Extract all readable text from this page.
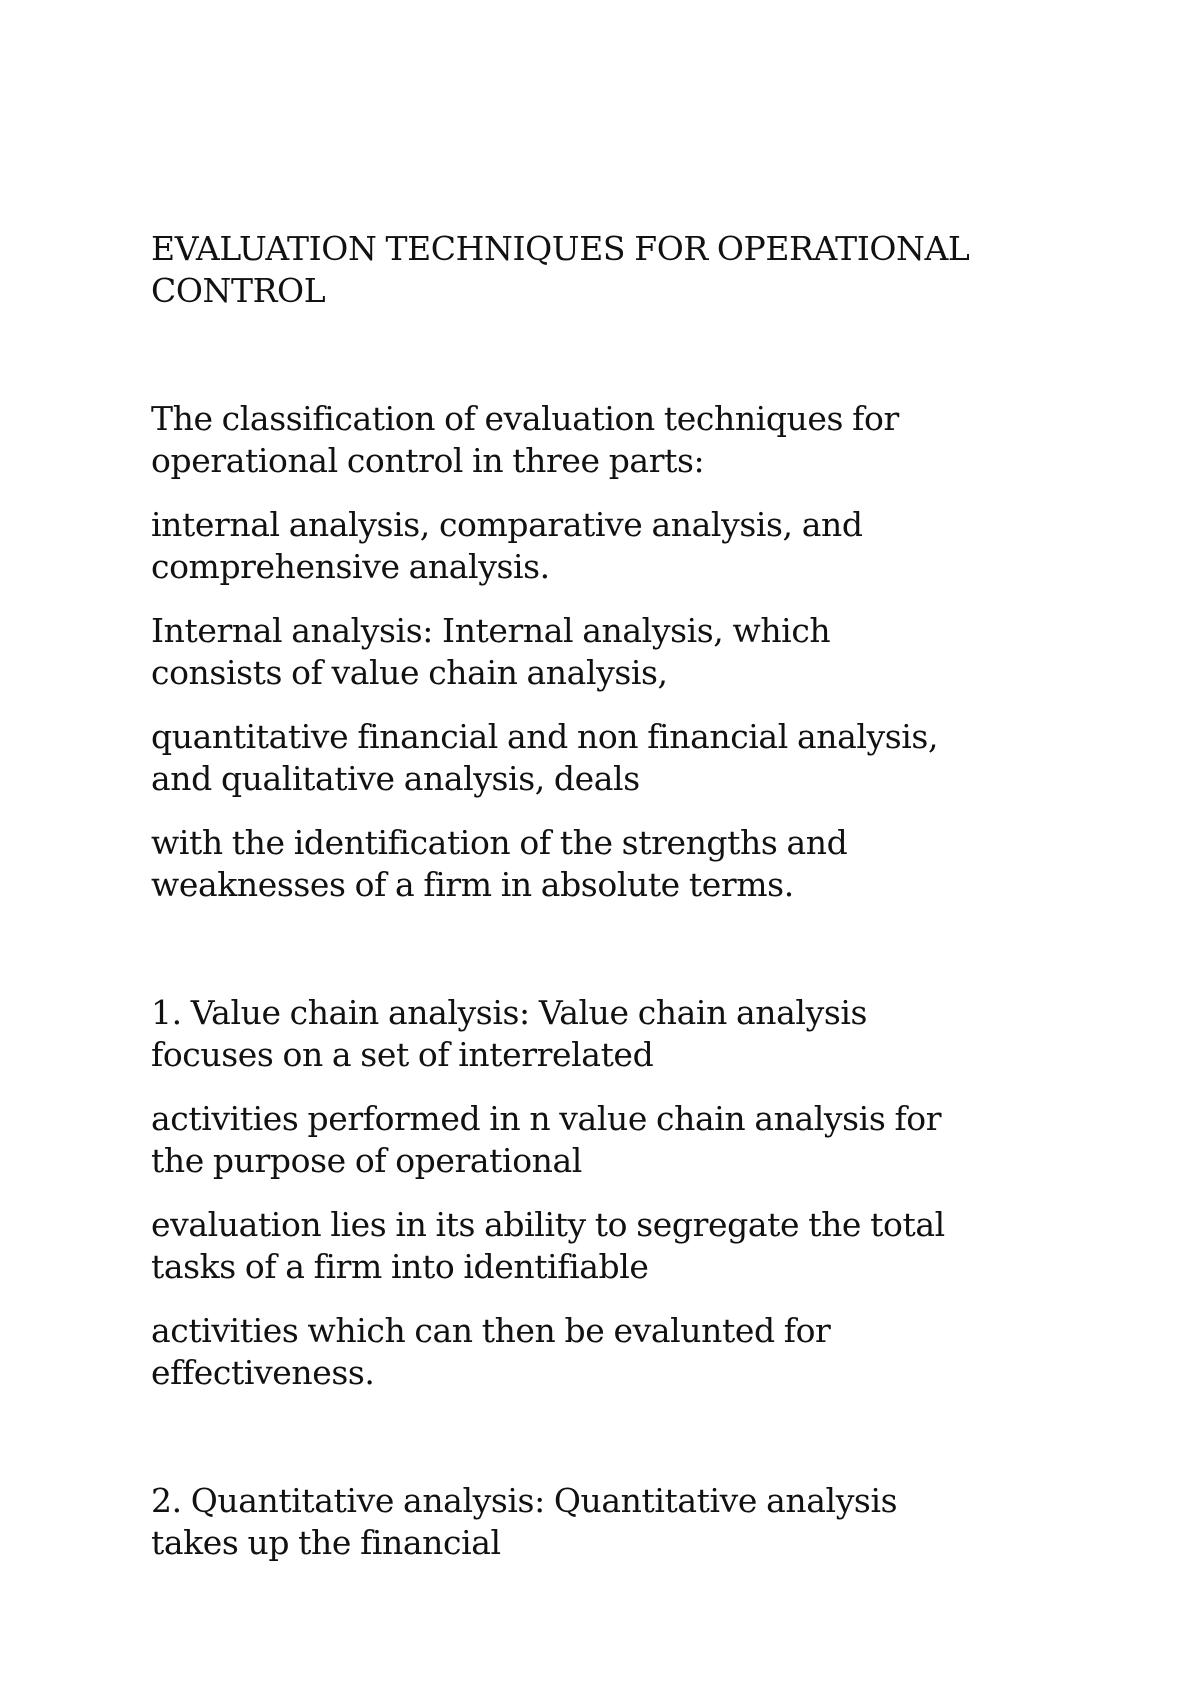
EVALUATION TECHNIQUES FOR OPERATIONAL
CONTROL
The classification of evaluation techniques for
operational control in three parts:
internal analysis, comparative analysis, and
comprehensive analysis.
Internal analysis: Internal analysis, which
consists of value chain analysis,
quantitative financial and non financial analysis,
and qualitative analysis, deals
with the identification of the strengths and
weaknesses of a firm in absolute terms.
1. Value chain analysis: Value chain analysis
focuses on a set of interrelated
activities performed in n value chain analysis for
the purpose of operational
evaluation lies in its ability to segregate the total
tasks of a firm into identifiable
activities which can then be evalunted for
effectiveness.
2. Quantitative analysis: Quantitative analysis
takes up the financial
